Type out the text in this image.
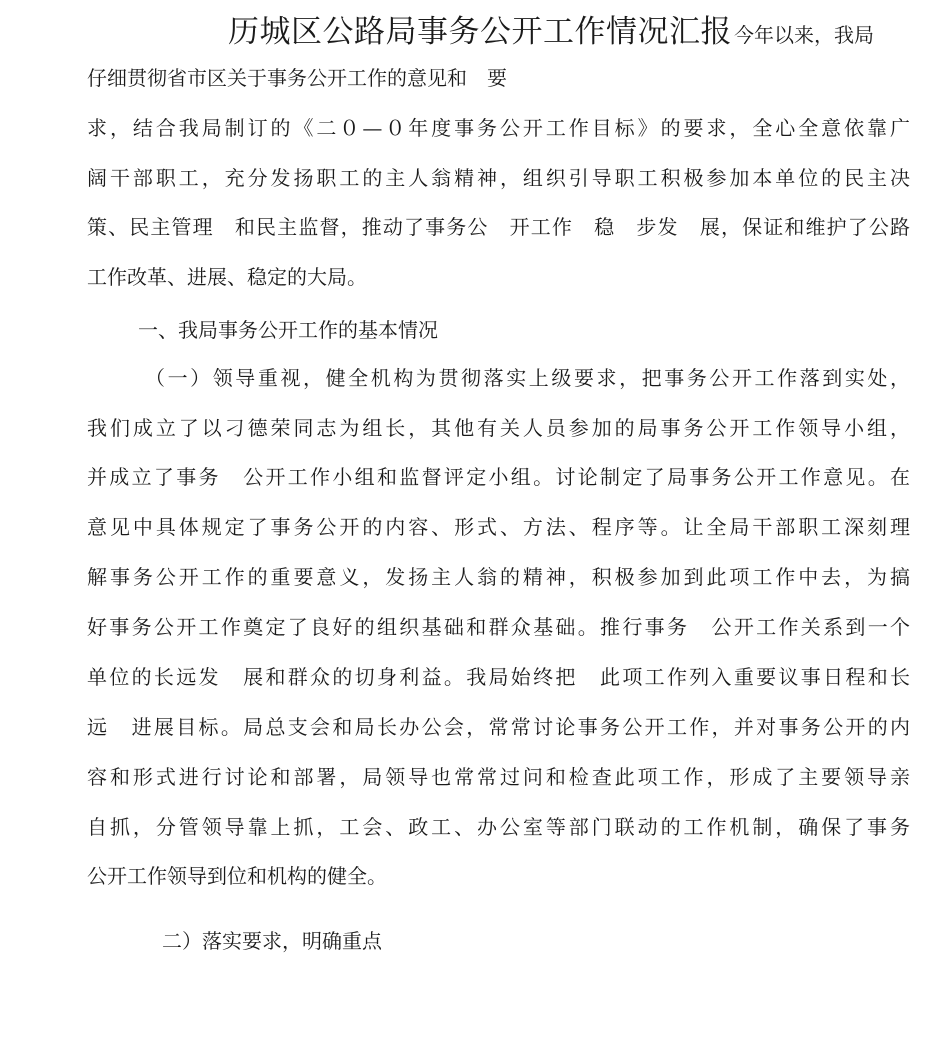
历城区公路局事务公开工作情况汇报 今年以来，我局
仔细贯彻省市区关于事务公开工作的意见和　要
求，结合我局制订的《二０—０年度事务公开工作目标》的要求，全心全意依靠广
阔干部职工，充分发扬职工的主人翁精神，组织引导职工积极参加本单位的民主决
策、民主管理　和民主监督，推动了事务公　开工作　稳　步发　展，保证和维护了公路
工作改革、进展、稳定的大局。
一、我局事务公开工作的基本情况
（一）领导重视，健全机构为贯彻落实上级要求，把事务公开工作落到实处，
我们成立了以刁德荣同志为组长，其他有关人员参加的局事务公开工作领导小组，
并成立了事务　公开工作小组和监督评定小组。讨论制定了局事务公开工作意见。在
意见中具体规定了事务公开的内容、形式、方法、程序等。让全局干部职工深刻理
解事务公开工作的重要意义，发扬主人翁的精神，积极参加到此项工作中去，为搞
好事务公开工作奠定了良好的组织基础和群众基础。推行事务　公开工作关系到一个
单位的长远发　展和群众的切身利益。我局始终把　此项工作列入重要议事日程和长
远　进展目标。局总支会和局长办公会，常常讨论事务公开工作，并对事务公开的内
容和形式进行讨论和部署，局领导也常常过问和检查此项工作，形成了主要领导亲
自抓，分管领导靠上抓，工会、政工、办公室等部门联动的工作机制，确保了事务
公开工作领导到位和机构的健全。
二）落实要求，明确重点
